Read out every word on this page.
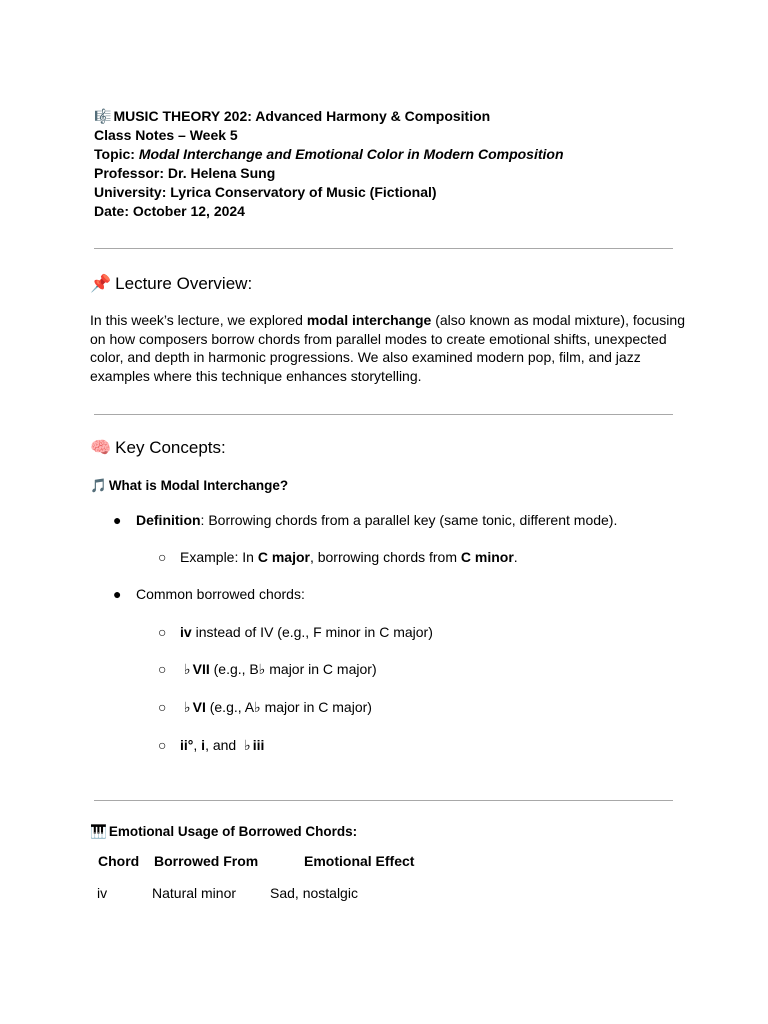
🎼 MUSIC THEORY 202: Advanced Harmony & Composition
Class Notes – Week 5
Topic: Modal Interchange and Emotional Color in Modern Composition
Professor: Dr. Helena Sung
University: Lyrica Conservatory of Music (Fictional)
Date: October 12, 2024
📌 Lecture Overview:
In this week’s lecture, we explored modal interchange (also known as modal mixture), focusing on how composers borrow chords from parallel modes to create emotional shifts, unexpected color, and depth in harmonic progressions. We also examined modern pop, film, and jazz examples where this technique enhances storytelling.
🧠 Key Concepts:
🎵 What is Modal Interchange?
● Definition: Borrowing chords from a parallel key (same tonic, different mode).
○ Example: In C major, borrowing chords from C minor.
● Common borrowed chords:
○ iv instead of IV (e.g., F minor in C major)
○ ♭ VII (e.g., B♭ major in C major)
○ ♭ VI (e.g., A♭ major in C major)
○ ii°, i, and ♭ iii
🎹 Emotional Usage of Borrowed Chords:
Chord Borrowed From	Emotional Effect
iv	Natural minor Sad, nostalgic
